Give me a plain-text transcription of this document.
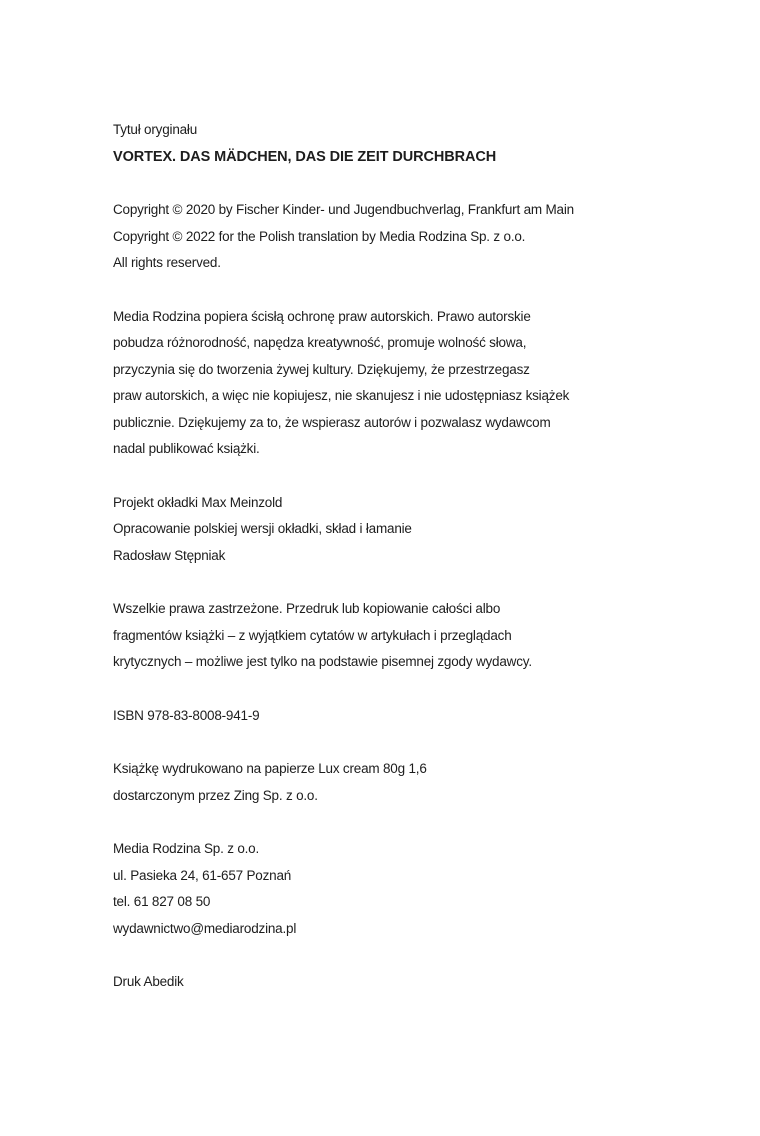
Tytuł oryginału
VORTEX. DAS MÄDCHEN, DAS DIE ZEIT DURCHBRACH
Copyright © 2020 by Fischer Kinder- und Jugendbuchverlag, Frankfurt am Main
Copyright © 2022 for the Polish translation by Media Rodzina Sp. z o.o.
All rights reserved.
Media Rodzina popiera ścisłą ochronę praw autorskich. Prawo autorskie
pobudza różnorodność, napędza kreatywność, promuje wolność słowa,
przyczynia się do tworzenia żywej kultury. Dziękujemy, że przestrzegasz
praw autorskich, a więc nie kopiujesz, nie skanujesz i nie udostępniasz książek
publicznie. Dziękujemy za to, że wspierasz autorów i pozwalasz wydawcom
nadal publikować książki.
Projekt okładki Max Meinzold
Opracowanie polskiej wersji okładki, skład i łamanie
Radosław Stępniak
Wszelkie prawa zastrzeżone. Przedruk lub kopiowanie całości albo
fragmentów książki – z wyjątkiem cytatów w artykułach i przeglądach
krytycznych – możliwe jest tylko na podstawie pisemnej zgody wydawcy.
ISBN 978-83-8008-941-9
Książkę wydrukowano na papierze Lux cream 80g 1,6
dostarczonym przez Zing Sp. z o.o.
Media Rodzina Sp. z o.o.
ul. Pasieka 24, 61-657 Poznań
tel. 61 827 08 50
wydawnictwo@mediarodzina.pl
Druk Abedik
